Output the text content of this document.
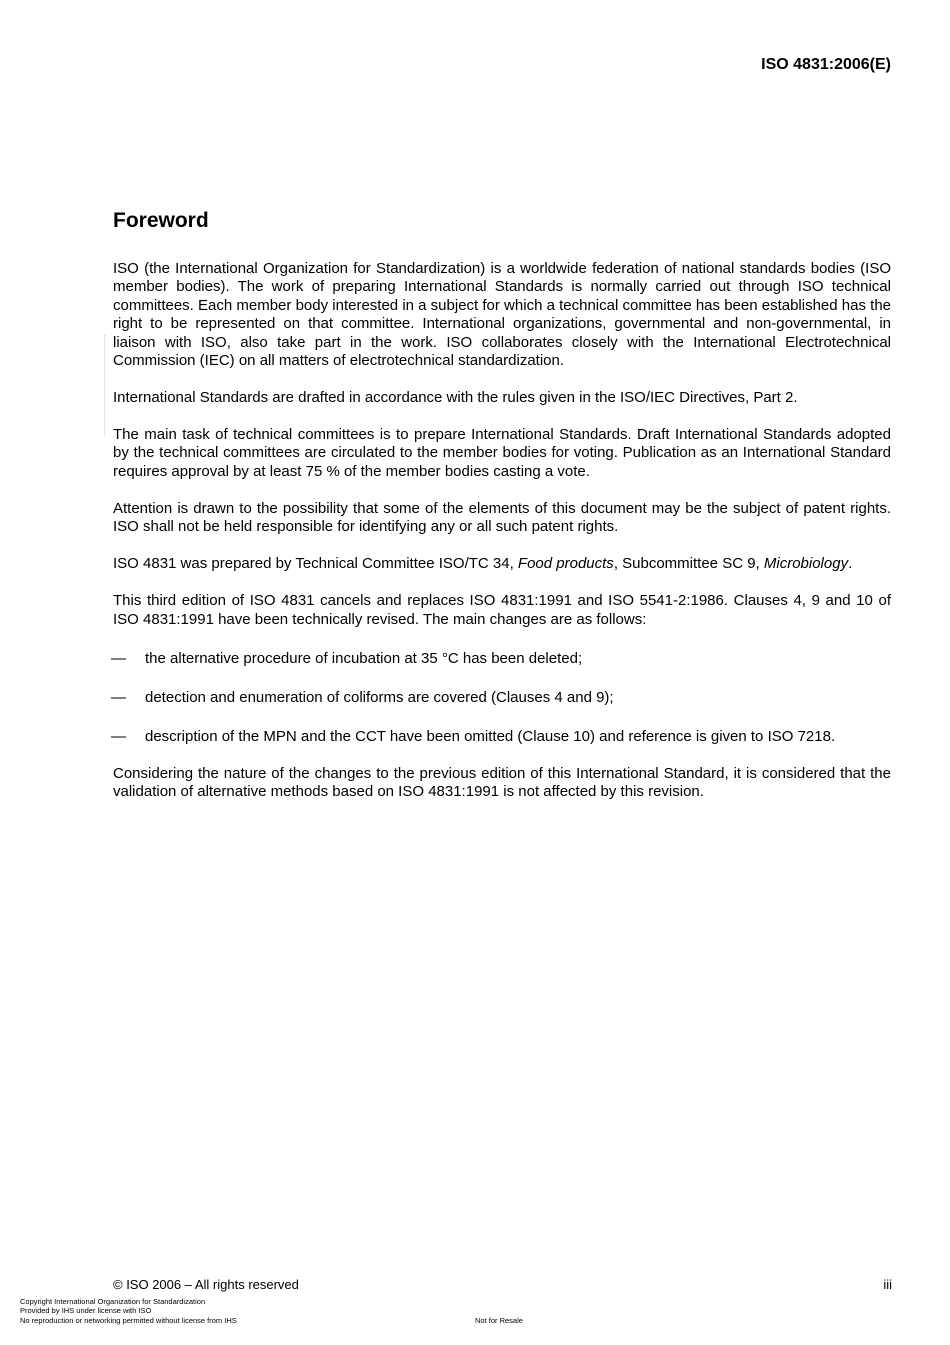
ISO 4831:2006(E)
Foreword

ISO (the International Organization for Standardization) is a worldwide federation of national standards bodies (ISO member bodies). The work of preparing International Standards is normally carried out through ISO technical committees. Each member body interested in a subject for which a technical committee has been established has the right to be represented on that committee. International organizations, governmental and non-governmental, in liaison with ISO, also take part in the work. ISO collaborates closely with the International Electrotechnical Commission (IEC) on all matters of electrotechnical standardization.

International Standards are drafted in accordance with the rules given in the ISO/IEC Directives, Part 2.

The main task of technical committees is to prepare International Standards. Draft International Standards adopted by the technical committees are circulated to the member bodies for voting. Publication as an International Standard requires approval by at least 75 % of the member bodies casting a vote.

Attention is drawn to the possibility that some of the elements of this document may be the subject of patent rights. ISO shall not be held responsible for identifying any or all such patent rights.

ISO 4831 was prepared by Technical Committee ISO/TC 34, Food products, Subcommittee SC 9, Microbiology.

This third edition of ISO 4831 cancels and replaces ISO 4831:1991 and ISO 5541-2:1986. Clauses 4, 9 and 10 of ISO 4831:1991 have been technically revised. The main changes are as follows:

— the alternative procedure of incubation at 35 °C has been deleted;
— detection and enumeration of coliforms are covered (Clauses 4 and 9);
— description of the MPN and the CCT have been omitted (Clause 10) and reference is given to ISO 7218.

Considering the nature of the changes to the previous edition of this International Standard, it is considered that the validation of alternative methods based on ISO 4831:1991 is not affected by this revision.

© ISO 2006 – All rights reserved	iii
Copyright International Organization for Standardization
Provided by IHS under license with ISO
No reproduction or networking permitted without license from IHS	Not for Resale
